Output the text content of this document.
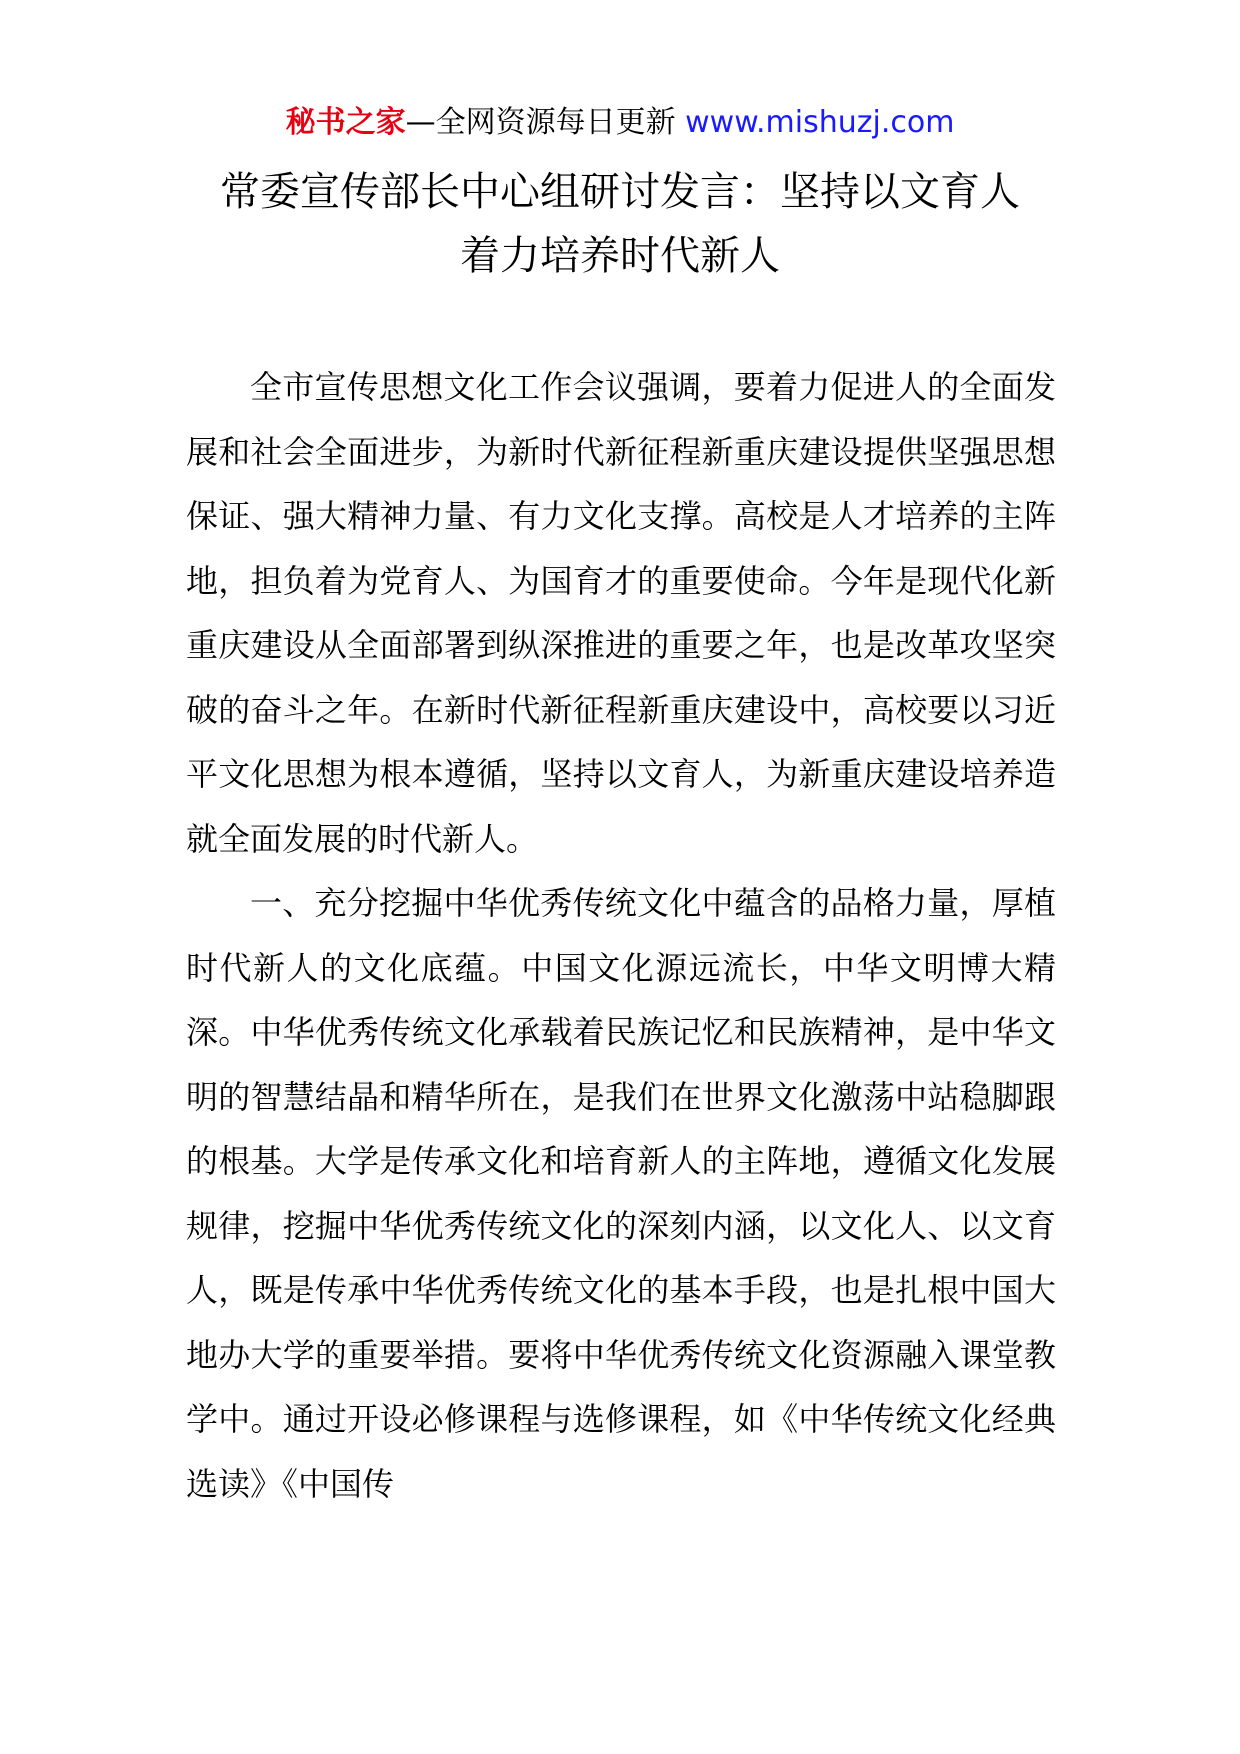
秘书之家—全网资源每日更新 www.mishuzj.com
常委宣传部长中心组研讨发言：坚持以文育人
着力培养时代新人

全市宣传思想文化工作会议强调，要着力促进人的全面发展和社会全面进步，为新时代新征程新重庆建设提供坚强思想保证、强大精神力量、有力文化支撑。高校是人才培养的主阵地，担负着为党育人、为国育才的重要使命。今年是现代化新重庆建设从全面部署到纵深推进的重要之年，也是改革攻坚突破的奋斗之年。在新时代新征程新重庆建设中，高校要以习近平文化思想为根本遵循，坚持以文育人，为新重庆建设培养造就全面发展的时代新人。

一、充分挖掘中华优秀传统文化中蕴含的品格力量，厚植时代新人的文化底蕴。中国文化源远流长，中华文明博大精深。中华优秀传统文化承载着民族记忆和民族精神，是中华文明的智慧结晶和精华所在，是我们在世界文化激荡中站稳脚跟的根基。大学是传承文化和培育新人的主阵地，遵循文化发展规律，挖掘中华优秀传统文化的深刻内涵，以文化人、以文育人，既是传承中华优秀传统文化的基本手段，也是扎根中国大地办大学的重要举措。要将中华优秀传统文化资源融入课堂教学中。通过开设必修课程与选修课程，如《中华传统文化经典选读》《中国传
